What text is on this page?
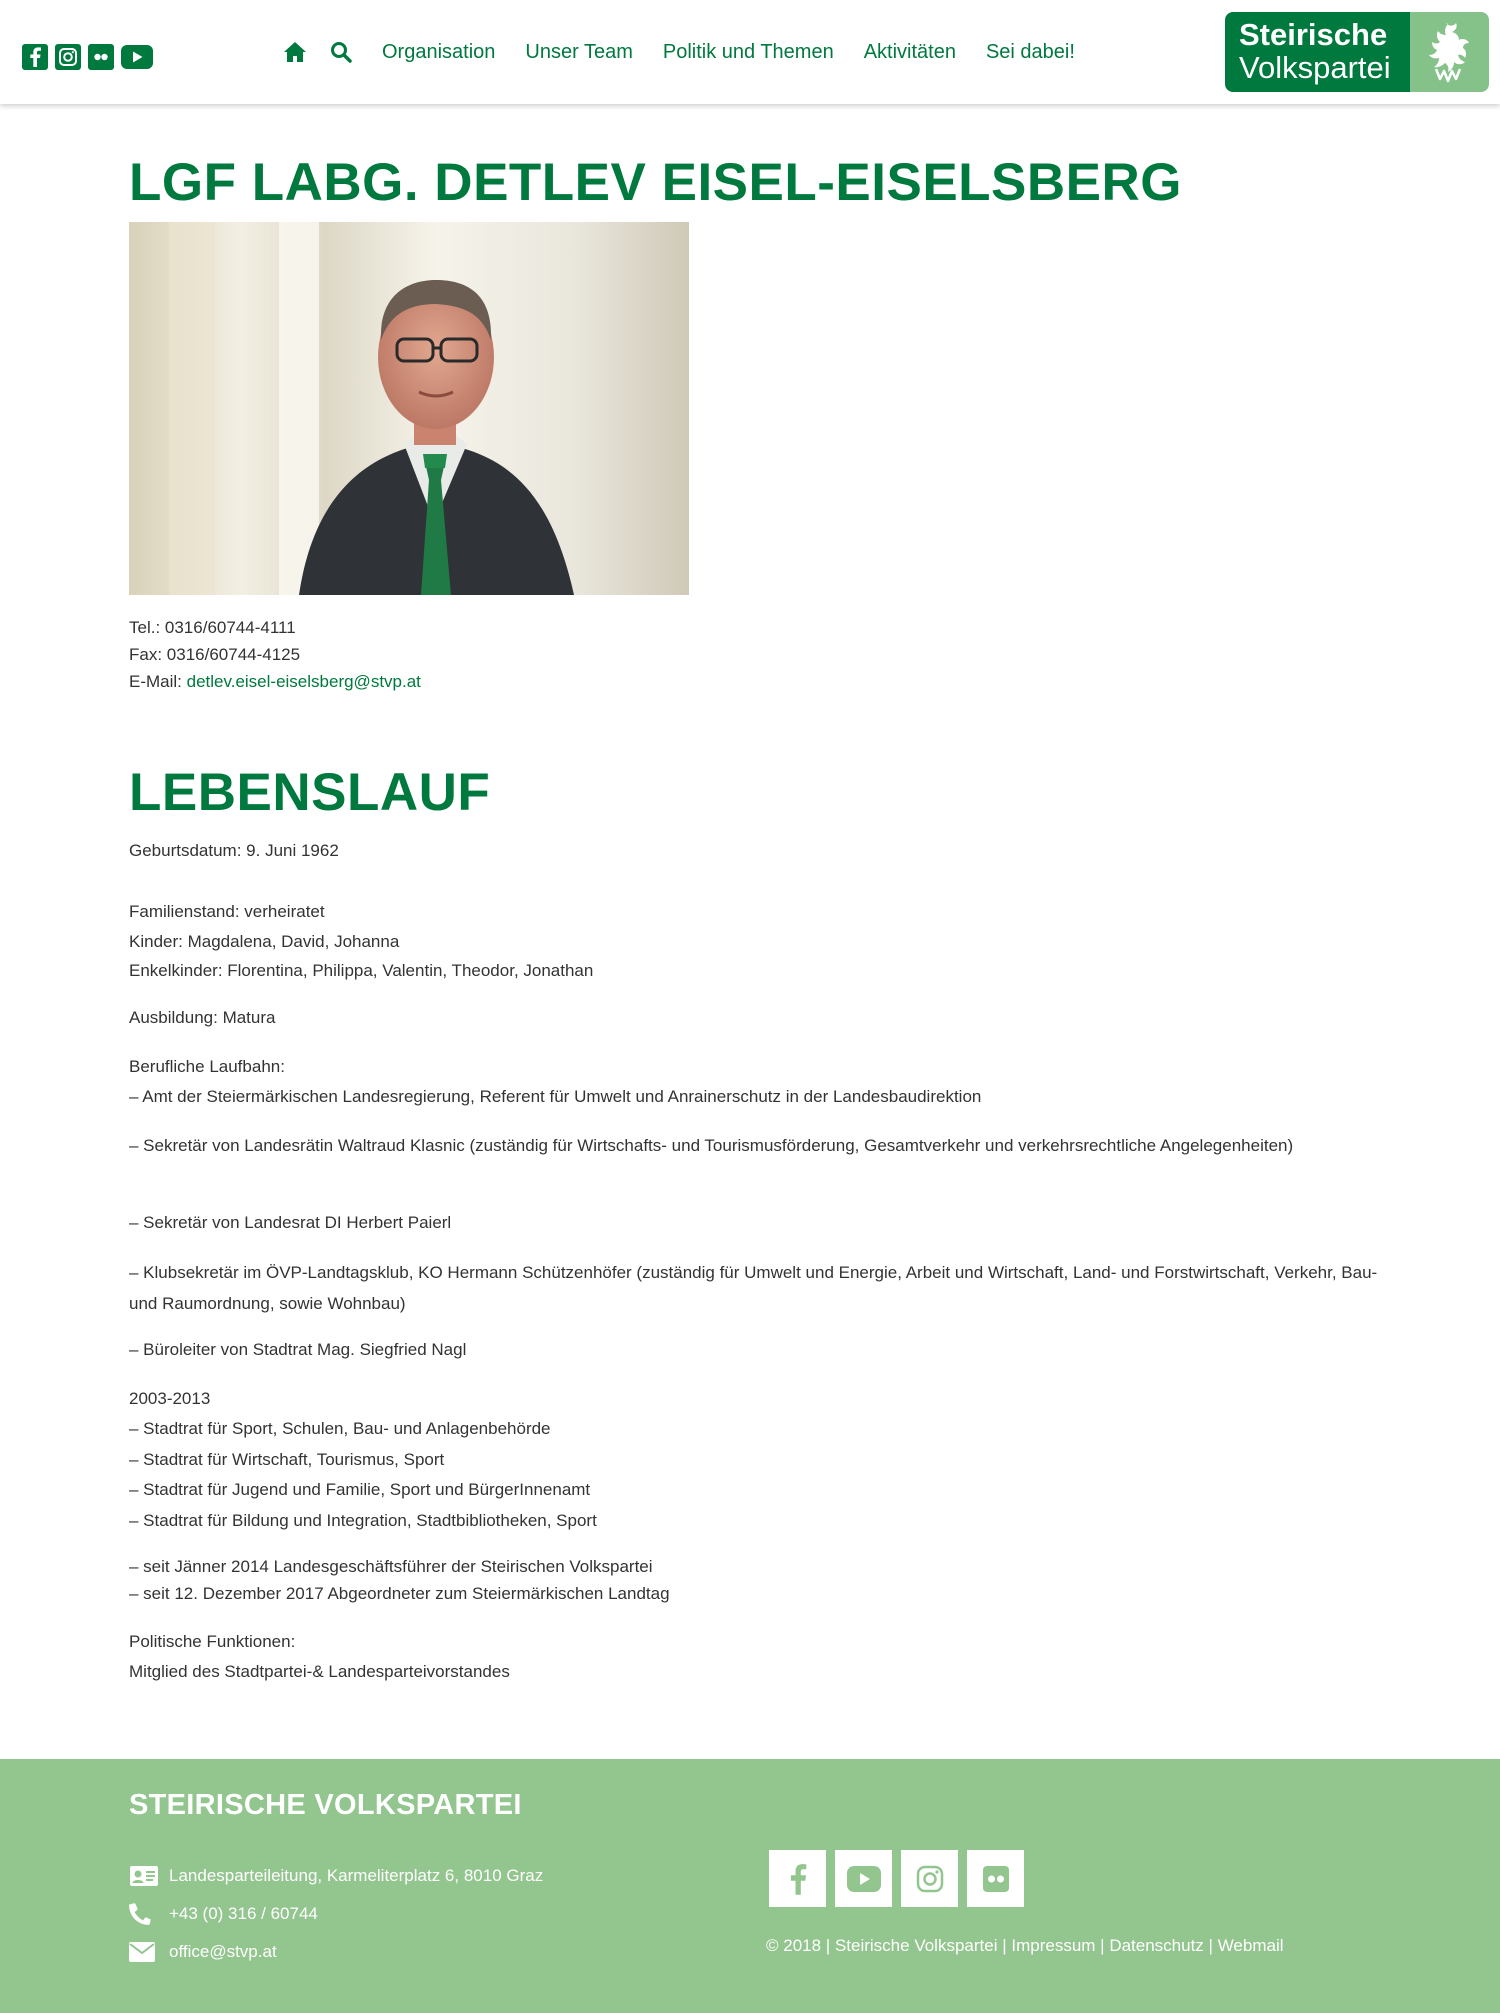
Organisation Unser Team Politik und Themen Aktivitäten Sei dabei!	Steirische
Volkspartei
LGF LABG. DETLEV EISEL-EISELSBERG
Tel.: 0316/60744-4111
Fax: 0316/60744-4125
E-Mail: detlev.eisel-eiselsberg@stvp.at
LEBENSLAUF

Geburtsdatum: 9. Juni 1962

Familienstand: verheiratet

Kinder: Magdalena, David, Johanna

Enkelkinder: Florentina, Philippa, Valentin, Theodor, Jonathan

Ausbildung: Matura

Berufliche Laufbahn:

– Amt der Steiermärkischen Landesregierung, Referent für Umwelt und Anrainerschutz in der Landesbaudirektion

– Sekretär von Landesrätin Waltraud Klasnic (zuständig für Wirtschafts- und Tourismusförderung, Gesamtverkehr und verkehrsrechtliche Angelegenheiten)

– Sekretär von Landesrat DI Herbert Paierl

– Klubsekretär im ÖVP-Landtagsklub, KO Hermann Schützenhöfer (zuständig für Umwelt und Energie, Arbeit und Wirtschaft, Land- und Forstwirtschaft, Verkehr, Bau- und Raumordnung, sowie Wohnbau)

– Büroleiter von Stadtrat Mag. Siegfried Nagl

2003-2013

– Stadtrat für Sport, Schulen, Bau- und Anlagenbehörde

– Stadtrat für Wirtschaft, Tourismus, Sport

– Stadtrat für Jugend und Familie, Sport und BürgerInnenamt

– Stadtrat für Bildung und Integration, Stadtbibliotheken, Sport

– seit Jänner 2014 Landesgeschäftsführer der Steirischen Volkspartei

– seit 12. Dezember 2017 Abgeordneter zum Steiermärkischen Landtag

Politische Funktionen:

Mitglied des Stadtpartei-& Landesparteivorstandes

STEIRISCHE VOLKSPARTEI
Landesparteileitung, Karmeliterplatz 6, 8010 Graz
+43 (0) 316 / 60744
office@stvp.at	© 2018 | Steirische Volkspartei | Impressum | Datenschutz | Webmail
